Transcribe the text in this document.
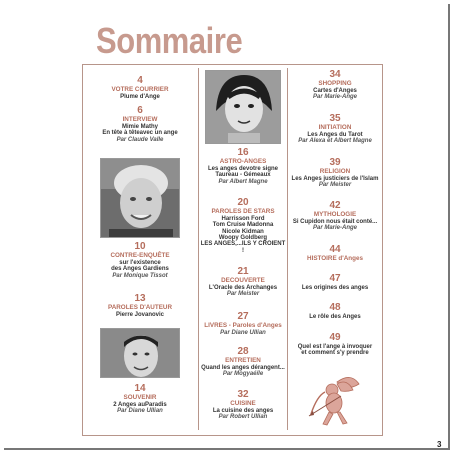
Sommaire
4
VOTRE COURRIER
Plume d'Ange
6
INTERVIEW
Mimie Mathy
En tête à têteavec un ange
Par Claude Valle
10
CONTRE-ENQUÊTE
sur l'existence
des Anges Gardiens
Par Monique Tissot
13
PAROLES D'AUTEUR
Pierre Jovanovic
14
SOUVENIR
2 Anges auParadis
Par Diane Ullian
16
ASTRO-ANGES
Les anges devotre signe
Taureau - Gémeaux
Par Albert Magne
20
PAROLES DE STARS
Harrisson Ford
Tom Cruise Madonna
Nicole Kidman
Woopy Goldberg
LES ANGES,...ILS Y CROIENT !
21
DECOUVERTE
L'Oracle des Archanges
Par Meister
27
LIVRES - Paroles d'Anges
Par Diane Ullian
28
ENTRETIEN
Quand les anges dérangent...
Par Mogyaéïle
32
CUISINE
La cuisine des anges
Par Robert Ullian
34
SHOPPING
Cartes d'Anges
Par Marie-Ange
35
INITIATION
Les Anges du Tarot
Par Alexa et Albert Magne
39
RELIGION
Les Anges justiciers de l'Islam
Par Meister
42
MYTHOLOGIE
Si Cupidon nous était conté...
Par Marie-Ange
44
HISTOIRE d'Anges
47
Les origines des anges
48
Le rôle des Anges
49
Quel est l'ange à invoquer
et comment s'y prendre
3
